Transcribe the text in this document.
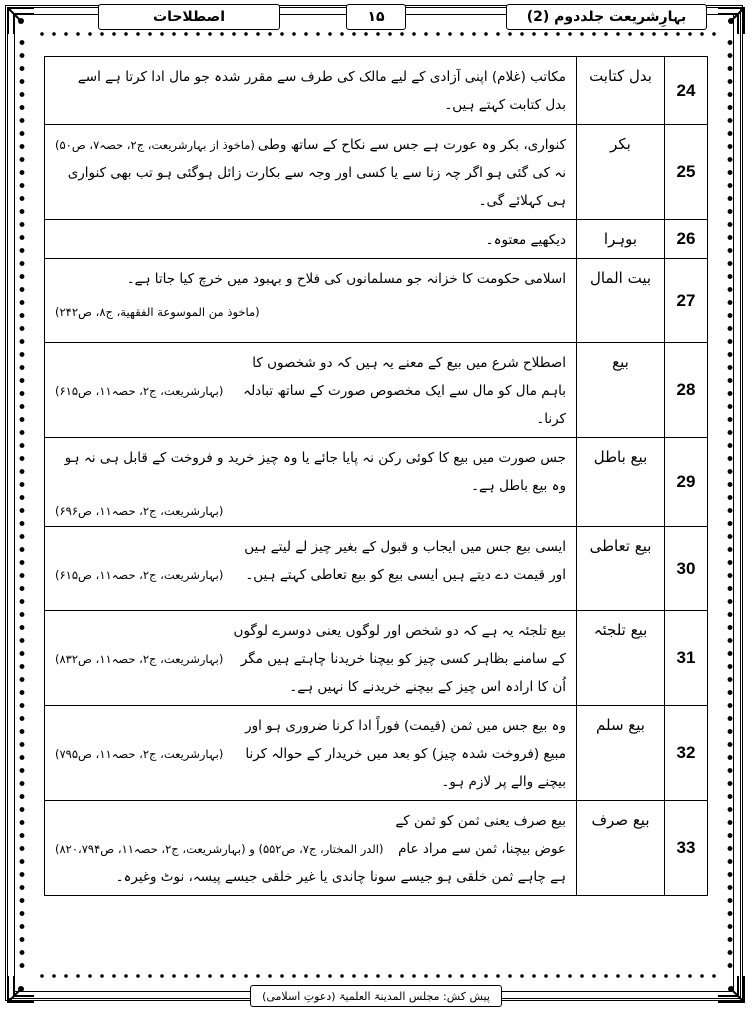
بہارِشریعت جلددوم (2)
۱۵
اصطلاحات
24	بدل کتابت	مکاتب (غلام) اپنی آزادی کے لیے مالک کی طرف سے مقرر شدہ جو مال ادا کرتا ہے اسے بدل کتابت کہتے ہیں۔
25	بکر	(ماخوذ از بہارشریعت، ج۲، حصہ۷، ص۵۰) کنواری، بکر وہ عورت ہے جس سے نکاح کے ساتھ وطی نہ کی گئی ہو اگر چہ زنا سے یا کسی اور وجہ سے بکارت زائل ہوگئی ہو تب بھی کنواری ہی کہلائے گی۔
26	بوہرا	دیکھیے معتوہ۔
27	بیت المال	اسلامی حکومت کا خزانہ جو مسلمانوں کی فلاح و بہبود میں خرچ کیا جاتا ہے۔
(ماخوذ من الموسوعة الفقهية، ج۸، ص۲۴۲)

28	بیع	(بہارشریعت، ج۲، حصہ۱۱، ص۶۱۵)
اصطلاح شرع میں بیع کے معنے یہ ہیں کہ دو شخصوں کا باہم مال کو مال سے ایک مخصوص صورت کے ساتھ تبادلہ کرنا۔
29	بیع باطل	جس صورت میں بیع کا کوئی رکن نہ پایا جائے یا وہ چیز خرید و فروخت کے قابل ہی نہ ہو وہ بیع باطل ہے۔
(بہارشریعت، ج۲، حصہ۱۱، ص۶۹۶)

30	بیع تعاطی	(بہارشریعت، ج۲، حصہ۱۱، ص۶۱۵)
ایسی بیع جس میں ایجاب و قبول کے بغیر چیز لے لیتے ہیں اور قیمت دے دیتے ہیں ایسی بیع کو بیع تعاطی کہتے ہیں۔
31	بیع تلجئہ	(بہارشریعت، ج۲، حصہ۱۱، ص۸۳۲)
بیع تلجئہ یہ ہے کہ دو شخص اور لوگوں یعنی دوسرے لوگوں کے سامنے بظاہر کسی چیز کو بیچنا خریدنا چاہتے ہیں مگر اُن کا ارادہ اس چیز کے بیچنے خریدنے کا نہیں ہے۔
32	بیع سلم	(بہارشریعت، ج۲، حصہ۱۱، ص۷۹۵)
وہ بیع جس میں ثمن (قیمت) فوراً ادا کرنا ضروری ہو اور مبیع (فروخت شدہ چیز) کو بعد میں خریدار کے حوالہ کرنا بیچنے والے پر لازم ہو۔
33	بیع صرف	(الدر المختار، ج۷، ص۵۵۲) و (بہارشریعت، ج۲، حصہ۱۱، ص۸۲۰،۷۹۴)
بیع صرف یعنی ثمن کو ثمن کے عوض بیچنا، ثمن سے مراد عام ہے چاہے ثمن خلقی ہو جیسے سونا چاندی یا غیر خلقی جیسے پیسہ، نوٹ وغیرہ۔
پیش کش: مجلس المدینۃ العلمیۃ (دعوتِ اسلامی)
